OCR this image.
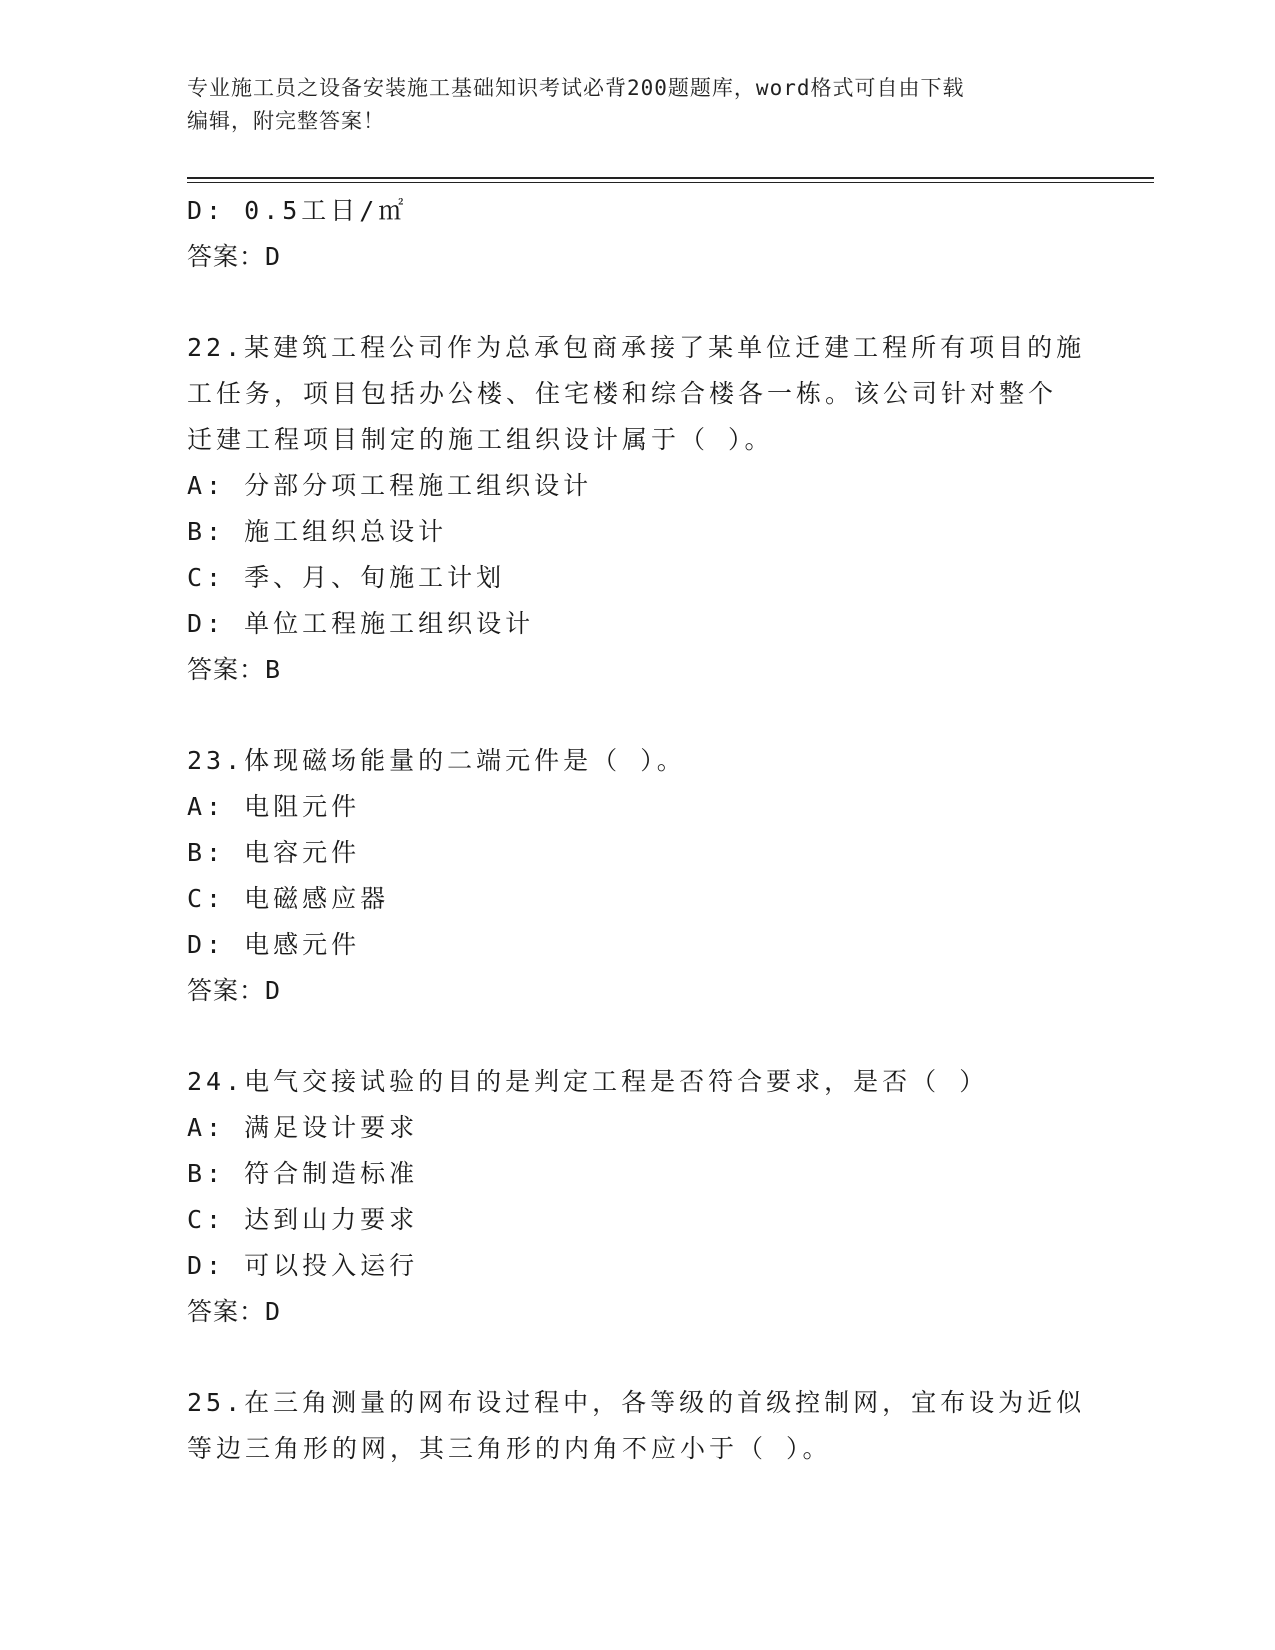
专业施工员之设备安装施工基础知识考试必背200题题库，word格式可自由下载
编辑，附完整答案！
D: 0.5工日/㎡
答案：D
22.某建筑工程公司作为总承包商承接了某单位迁建工程所有项目的施
工任务，项目包括办公楼、住宅楼和综合楼各一栋。该公司针对整个
迁建工程项目制定的施工组织设计属于（ ）。
A: 分部分项工程施工组织设计
B: 施工组织总设计
C: 季、月、旬施工计划
D: 单位工程施工组织设计
答案：B
23.体现磁场能量的二端元件是（ ）。
A: 电阻元件
B: 电容元件
C: 电磁感应器
D: 电感元件
答案：D
24.电气交接试验的目的是判定工程是否符合要求，是否（ ）
A: 满足设计要求
B: 符合制造标准
C: 达到山力要求
D: 可以投入运行
答案：D
25.在三角测量的网布设过程中，各等级的首级控制网，宜布设为近似
等边三角形的网，其三角形的内角不应小于（ ）。
